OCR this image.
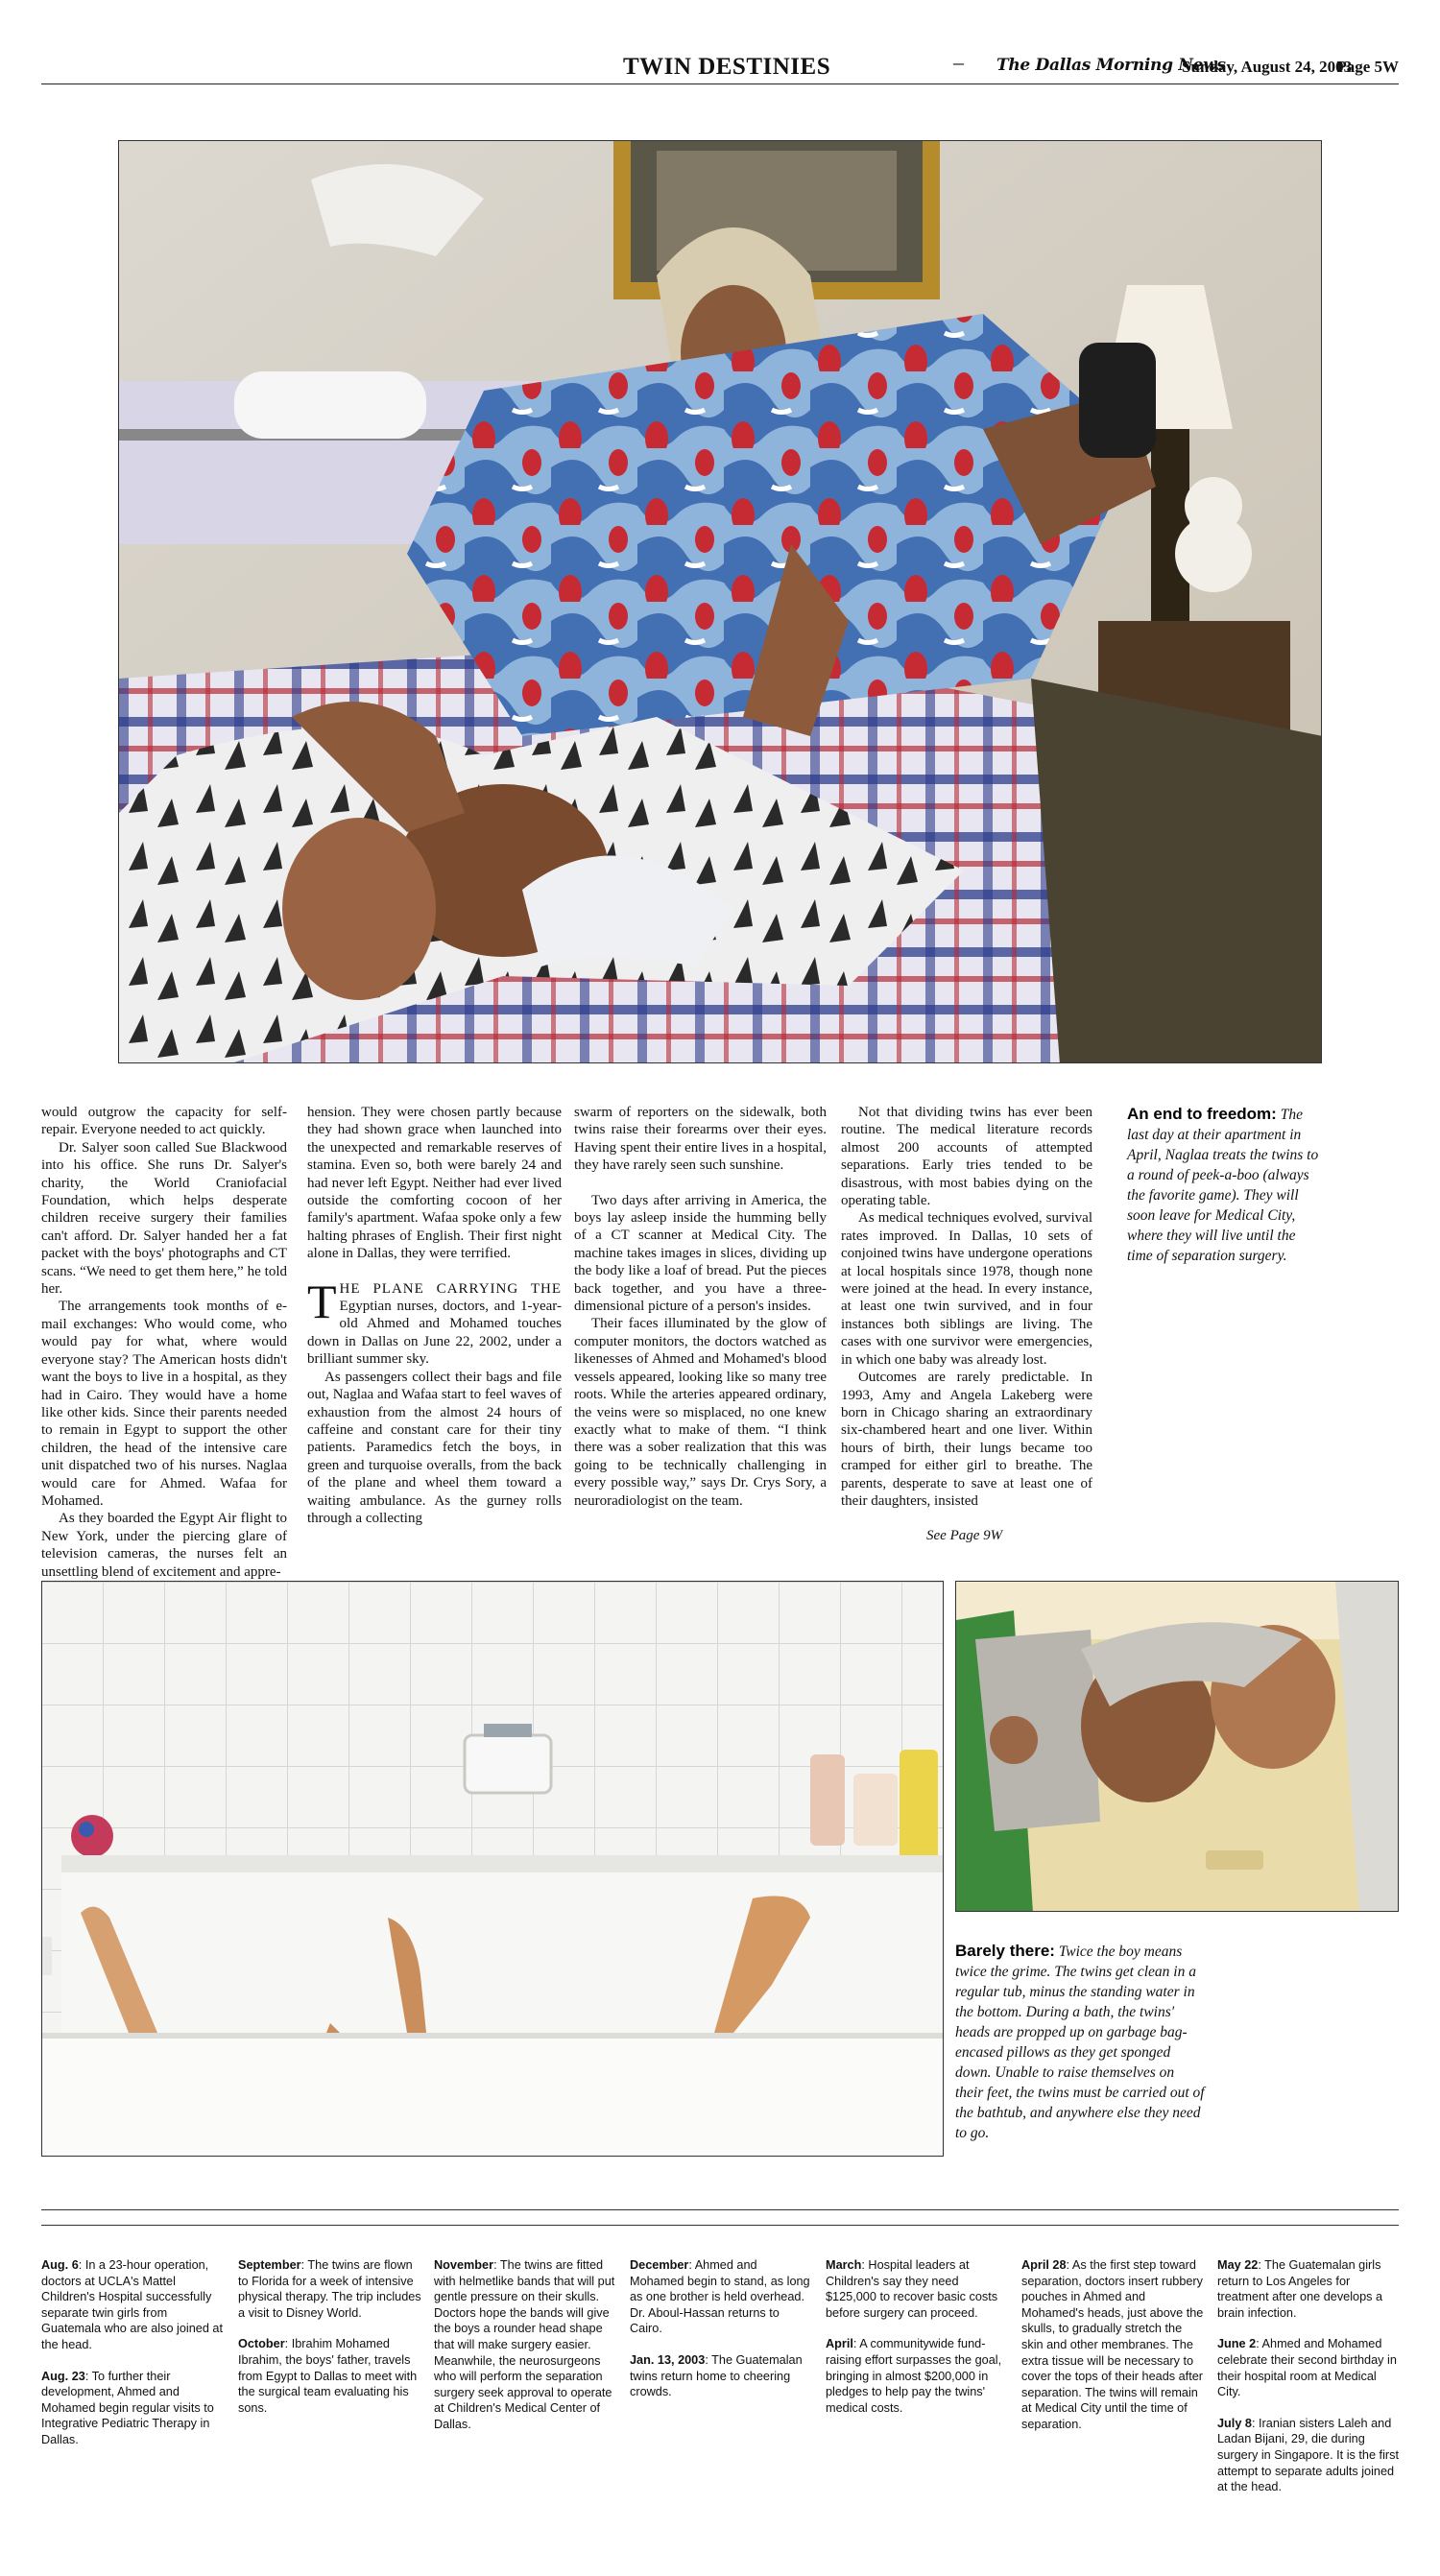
TWIN DESTINIES	– The Dallas Morning News
Sunday, August 24, 2003
Page 5W

would outgrow the capacity for self-repair. Everyone needed to act quickly.

Dr. Salyer soon called Sue Blackwood into his office. She runs Dr. Salyer's charity, the World Craniofacial Foundation, which helps desperate children receive surgery their families can't afford. Dr. Salyer handed her a fat packet with the boys' photographs and CT scans. “We need to get them here,” he told her.

The arrangements took months of e-mail exchanges: Who would come, who would pay for what, where would everyone stay? The American hosts didn't want the boys to live in a hospital, as they had in Cairo. They would have a home like other kids. Since their parents needed to remain in Egypt to support the other children, the head of the intensive care unit dispatched two of his nurses. Naglaa would care for Ahmed. Wafaa for Mohamed.

As they boarded the Egypt Air flight to New York, under the piercing glare of television cameras, the nurses felt an unsettling blend of excitement and appre-

hension. They were chosen partly because they had shown grace when launched into the unexpected and remarkable reserves of stamina. Even so, both were barely 24 and had never left Egypt. Neither had ever lived outside the comforting cocoon of her family's apartment. Wafaa spoke only a few halting phrases of English. Their first night alone in Dallas, they were terrified.

THE PLANE CARRYING THE Egyptian nurses, doctors, and 1-year-old Ahmed and Mohamed touches down in Dallas on June 22, 2002, under a brilliant summer sky.

As passengers collect their bags and file out, Naglaa and Wafaa start to feel waves of exhaustion from the almost 24 hours of caffeine and constant care for their tiny patients. Paramedics fetch the boys, in green and turquoise overalls, from the back of the plane and wheel them toward a waiting ambulance. As the gurney rolls through a collecting

swarm of reporters on the sidewalk, both twins raise their forearms over their eyes. Having spent their entire lives in a hospital, they have rarely seen such sunshine.

Two days after arriving in America, the boys lay asleep inside the humming belly of a CT scanner at Medical City. The machine takes images in slices, dividing up the body like a loaf of bread. Put the pieces back together, and you have a three-dimensional picture of a person's insides.

Their faces illuminated by the glow of computer monitors, the doctors watched as likenesses of Ahmed and Mohamed's blood vessels appeared, looking like so many tree roots. While the arteries appeared ordinary, the veins were so misplaced, no one knew exactly what to make of them. “I think there was a sober realization that this was going to be technically challenging in every possible way,” says Dr. Crys Sory, a neuroradiologist on the team.

Not that dividing twins has ever been routine. The medical literature records almost 200 accounts of attempted separations. Early tries tended to be disastrous, with most babies dying on the operating table.

As medical techniques evolved, survival rates improved. In Dallas, 10 sets of conjoined twins have undergone operations at local hospitals since 1978, though none were joined at the head. In every instance, at least one twin survived, and in four instances both siblings are living. The cases with one survivor were emergencies, in which one baby was already lost.

Outcomes are rarely predictable. In 1993, Amy and Angela Lakeberg were born in Chicago sharing an extraordinary six-chambered heart and one liver. Within hours of birth, their lungs became too cramped for either girl to breathe. The parents, desperate to save at least one of their daughters, insisted

See Page 9W
An end to freedom: The last day at their apartment in April, Naglaa treats the twins to a round of peek-a-boo (always the favorite game). They will soon leave for Medical City, where they will live until the time of separation surgery.
Barely there: Twice the boy means twice the grime. The twins get clean in a regular tub, minus the standing water in the bottom. During a bath, the twins' heads are propped up on garbage bag-encased pillows as they get sponged down. Unable to raise themselves on their feet, the twins must be carried out of the bathtub, and anywhere else they need to go.
Aug. 6: In a 23-hour operation, doctors at UCLA's Mattel Children's Hospital successfully separate twin girls from Guatemala who are also joined at the head.
Aug. 23: To further their development, Ahmed and Mohamed begin regular visits to Integrative Pediatric Therapy in Dallas.
September: The twins are flown to Florida for a week of intensive physical therapy. The trip includes a visit to Disney World.
October: Ibrahim Mohamed Ibrahim, the boys' father, travels from Egypt to Dallas to meet with the surgical team evaluating his sons.
November: The twins are fitted with helmetlike bands that will put gentle pressure on their skulls. Doctors hope the bands will give the boys a rounder head shape that will make surgery easier. Meanwhile, the neurosurgeons who will perform the separation surgery seek approval to operate at Children's Medical Center of Dallas.
December: Ahmed and Mohamed begin to stand, as long as one brother is held overhead. Dr. Aboul-Hassan returns to Cairo.
Jan. 13, 2003: The Guatemalan twins return home to cheering crowds.
March: Hospital leaders at Children's say they need $125,000 to recover basic costs before surgery can proceed.
April: A communitywide fund-raising effort surpasses the goal, bringing in almost $200,000 in pledges to help pay the twins' medical costs.
April 28: As the first step toward separation, doctors insert rubbery pouches in Ahmed and Mohamed's heads, just above the skulls, to gradually stretch the skin and other membranes. The extra tissue will be necessary to cover the tops of their heads after separation. The twins will remain at Medical City until the time of separation.
May 22: The Guatemalan girls return to Los Angeles for treatment after one develops a brain infection.
June 2: Ahmed and Mohamed celebrate their second birthday in their hospital room at Medical City.
July 8: Iranian sisters Laleh and Ladan Bijani, 29, die during surgery in Singapore. It is the first attempt to separate adults joined at the head.
